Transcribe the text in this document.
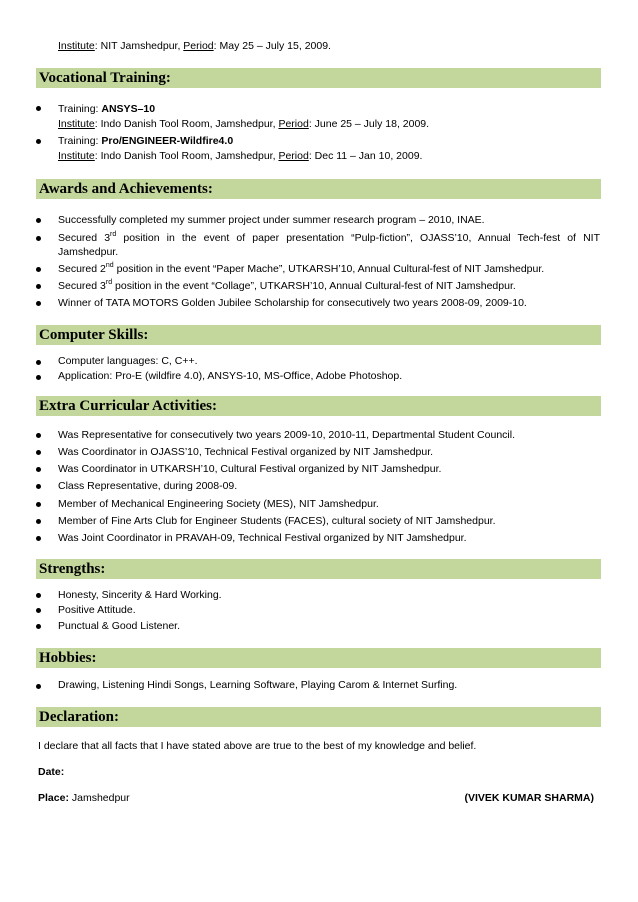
Institute: NIT Jamshedpur, Period: May 25 – July 15, 2009.
Vocational Training:
Training: ANSYS–10
Institute: Indo Danish Tool Room, Jamshedpur, Period: June 25 – July 18, 2009.
Training: Pro/ENGINEER-Wildfire4.0
Institute: Indo Danish Tool Room, Jamshedpur, Period: Dec 11 – Jan 10, 2009.
Awards and Achievements:
Successfully completed my summer project under summer research program – 2010, INAE.
Secured 3rd position in the event of paper presentation “Pulp-fiction”, OJASS’10, Annual Tech-fest of NIT Jamshedpur.
Secured 2nd position in the event “Paper Mache”, UTKARSH’10, Annual Cultural-fest of NIT Jamshedpur.
Secured 3rd position in the event “Collage”, UTKARSH’10, Annual Cultural-fest of NIT Jamshedpur.
Winner of TATA MOTORS Golden Jubilee Scholarship for consecutively two years 2008-09, 2009-10.
Computer Skills:
Computer languages: C, C++.
Application: Pro-E (wildfire 4.0), ANSYS-10, MS-Office, Adobe Photoshop.
Extra Curricular Activities:
Was Representative for consecutively two years 2009-10, 2010-11, Departmental Student Council.
Was Coordinator in OJASS’10, Technical Festival organized by NIT Jamshedpur.
Was Coordinator in UTKARSH’10, Cultural Festival organized by NIT Jamshedpur.
Class Representative, during 2008-09.
Member of Mechanical Engineering Society (MES), NIT Jamshedpur.
Member of Fine Arts Club for Engineer Students (FACES), cultural society of NIT Jamshedpur.
Was Joint Coordinator in PRAVAH-09, Technical Festival organized by NIT Jamshedpur.
Strengths:
Honesty, Sincerity & Hard Working.
Positive Attitude.
Punctual & Good Listener.
Hobbies:
Drawing, Listening Hindi Songs, Learning Software, Playing Carom & Internet Surfing.
Declaration:
I declare that all facts that I have stated above are true to the best of my knowledge and belief.
Date:
Place: Jamshedpur	(VIVEK KUMAR SHARMA)
